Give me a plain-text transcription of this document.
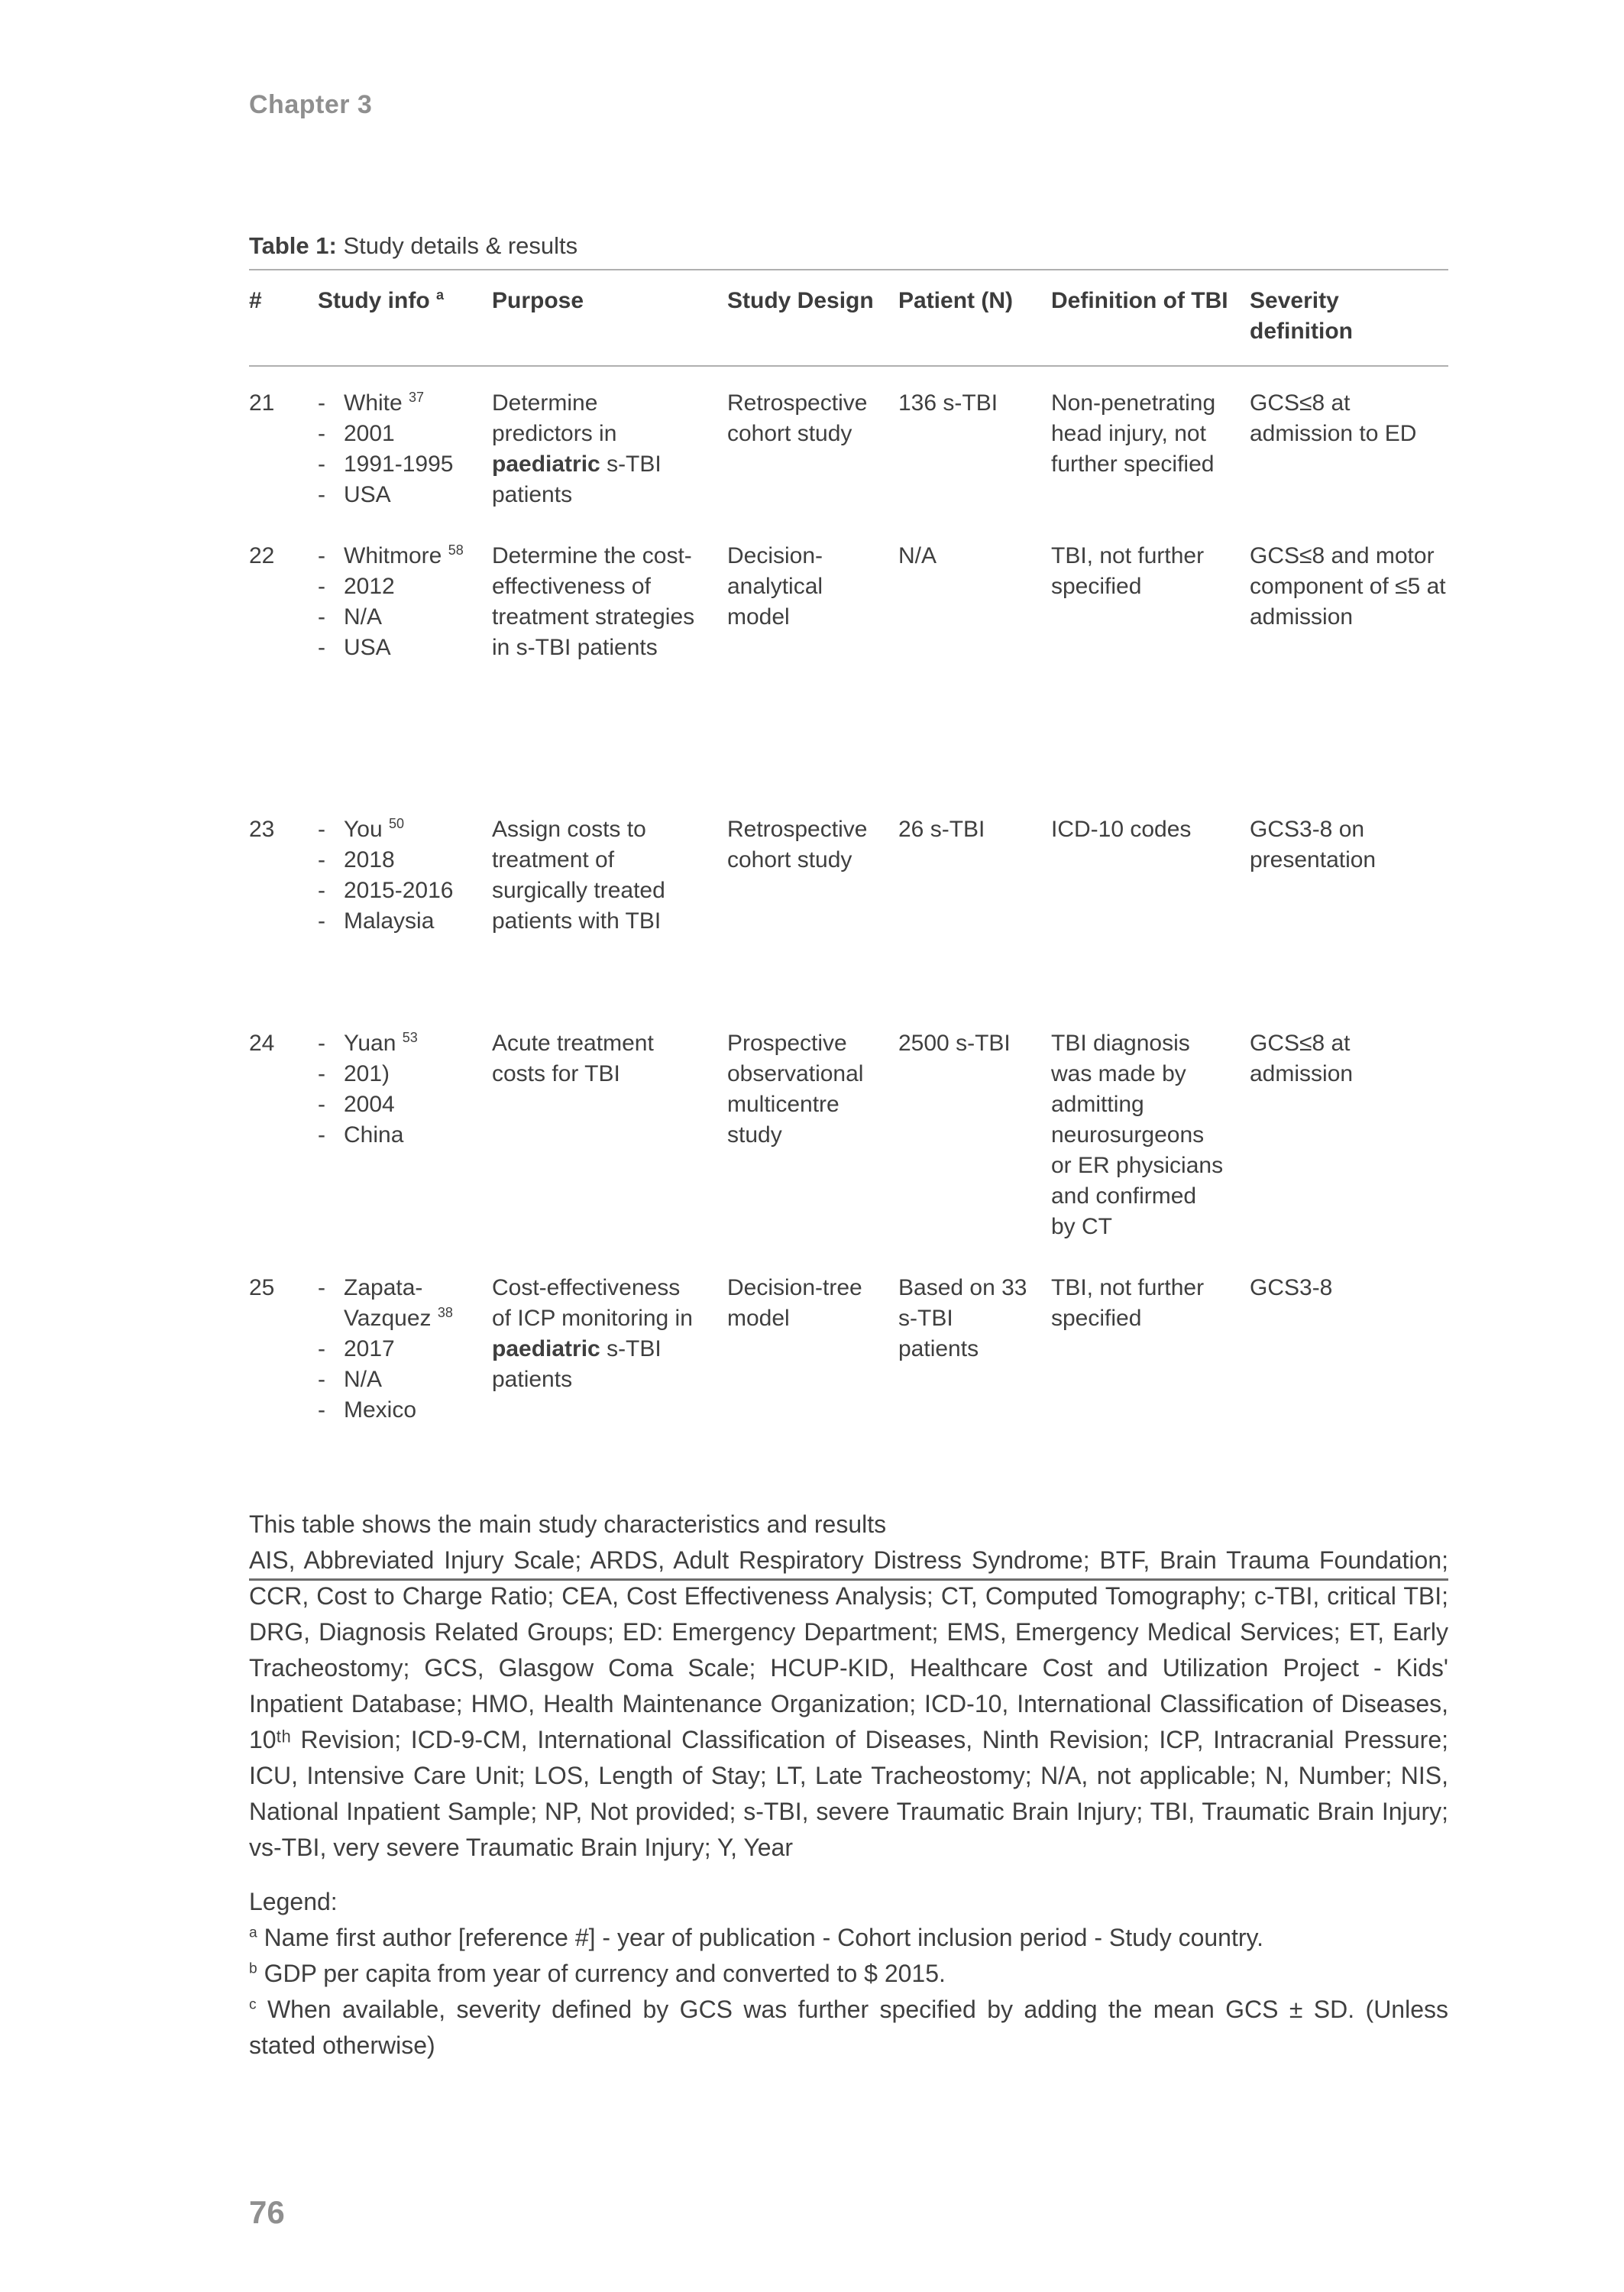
Chapter 3
Table 1: Study details & results
#	Study info $^a$	Purpose	Study Design	Patient (N)	Definition of TBI	Severity definition
21	- White $^{37}$
- 2001
- 1991-1995
- USA
	Determine predictors in paediatric s-TBI patients	Retrospective cohort study	136 s-TBI	Non-penetrating head injury, not further specified	GCS≤8 at admission to ED
22	- Whitmore $^{58}$
- 2012
- N/A
- USA
	Determine the cost-effectiveness of treatment strategies in s-TBI patients	Decision-analytical model	N/A	TBI, not further specified	GCS≤8 and motor component of ≤5 at admission
23	- You $^{50}$
- 2018
- 2015-2016
- Malaysia
	Assign costs to treatment of surgically treated patients with TBI	Retrospective cohort study	26 s-TBI	ICD-10 codes	GCS3-8 on presentation
24	- Yuan $^{53}$
- 201)
- 2004
- China
	Acute treatment costs for TBI	Prospective observational multicentre study	2500 s-TBI	TBI diagnosis was made by admitting neurosurgeons or ER physicians and confirmed by CT	GCS≤8 at admission
25	- Zapata-Vazquez $^{38}$
- 2017
- N/A
- Mexico
	Cost-effectiveness of ICP monitoring in paediatric s-TBI patients	Decision-tree model	Based on 33 s-TBI patients	TBI, not further specified	GCS3-8

This table shows the main study characteristics and results

AIS, Abbreviated Injury Scale; ARDS, Adult Respiratory Distress Syndrome; BTF, Brain Trauma Foundation; CCR, Cost to Charge Ratio; CEA, Cost Effectiveness Analysis; CT, Computed Tomography; c-TBI, critical TBI; DRG, Diagnosis Related Groups; ED: Emergency Department; EMS, Emergency Medical Services; ET, Early Tracheostomy; GCS, Glasgow Coma Scale; HCUP-KID, Healthcare Cost and Utilization Project - Kids' Inpatient Database; HMO, Health Maintenance Organization; ICD-10, International Classification of Diseases, 10ᵗʰ Revision; ICD-9-CM, International Classification of Diseases, Ninth Revision; ICP, Intracranial Pressure; ICU, Intensive Care Unit; LOS, Length of Stay; LT, Late Tracheostomy; N/A, not applicable; N, Number; NIS, National Inpatient Sample; NP, Not provided; s-TBI, severe Traumatic Brain Injury; TBI, Traumatic Brain Injury; vs-TBI, very severe Traumatic Brain Injury; Y, Year

Legend:

$^a$ Name first author [reference #] - year of publication - Cohort inclusion period - Study country.

$^b$ GDP per capita from year of currency and converted to $ 2015.

$^c$ When available, severity defined by GCS was further specified by adding the mean GCS ± SD. (Unless stated otherwise)

76
